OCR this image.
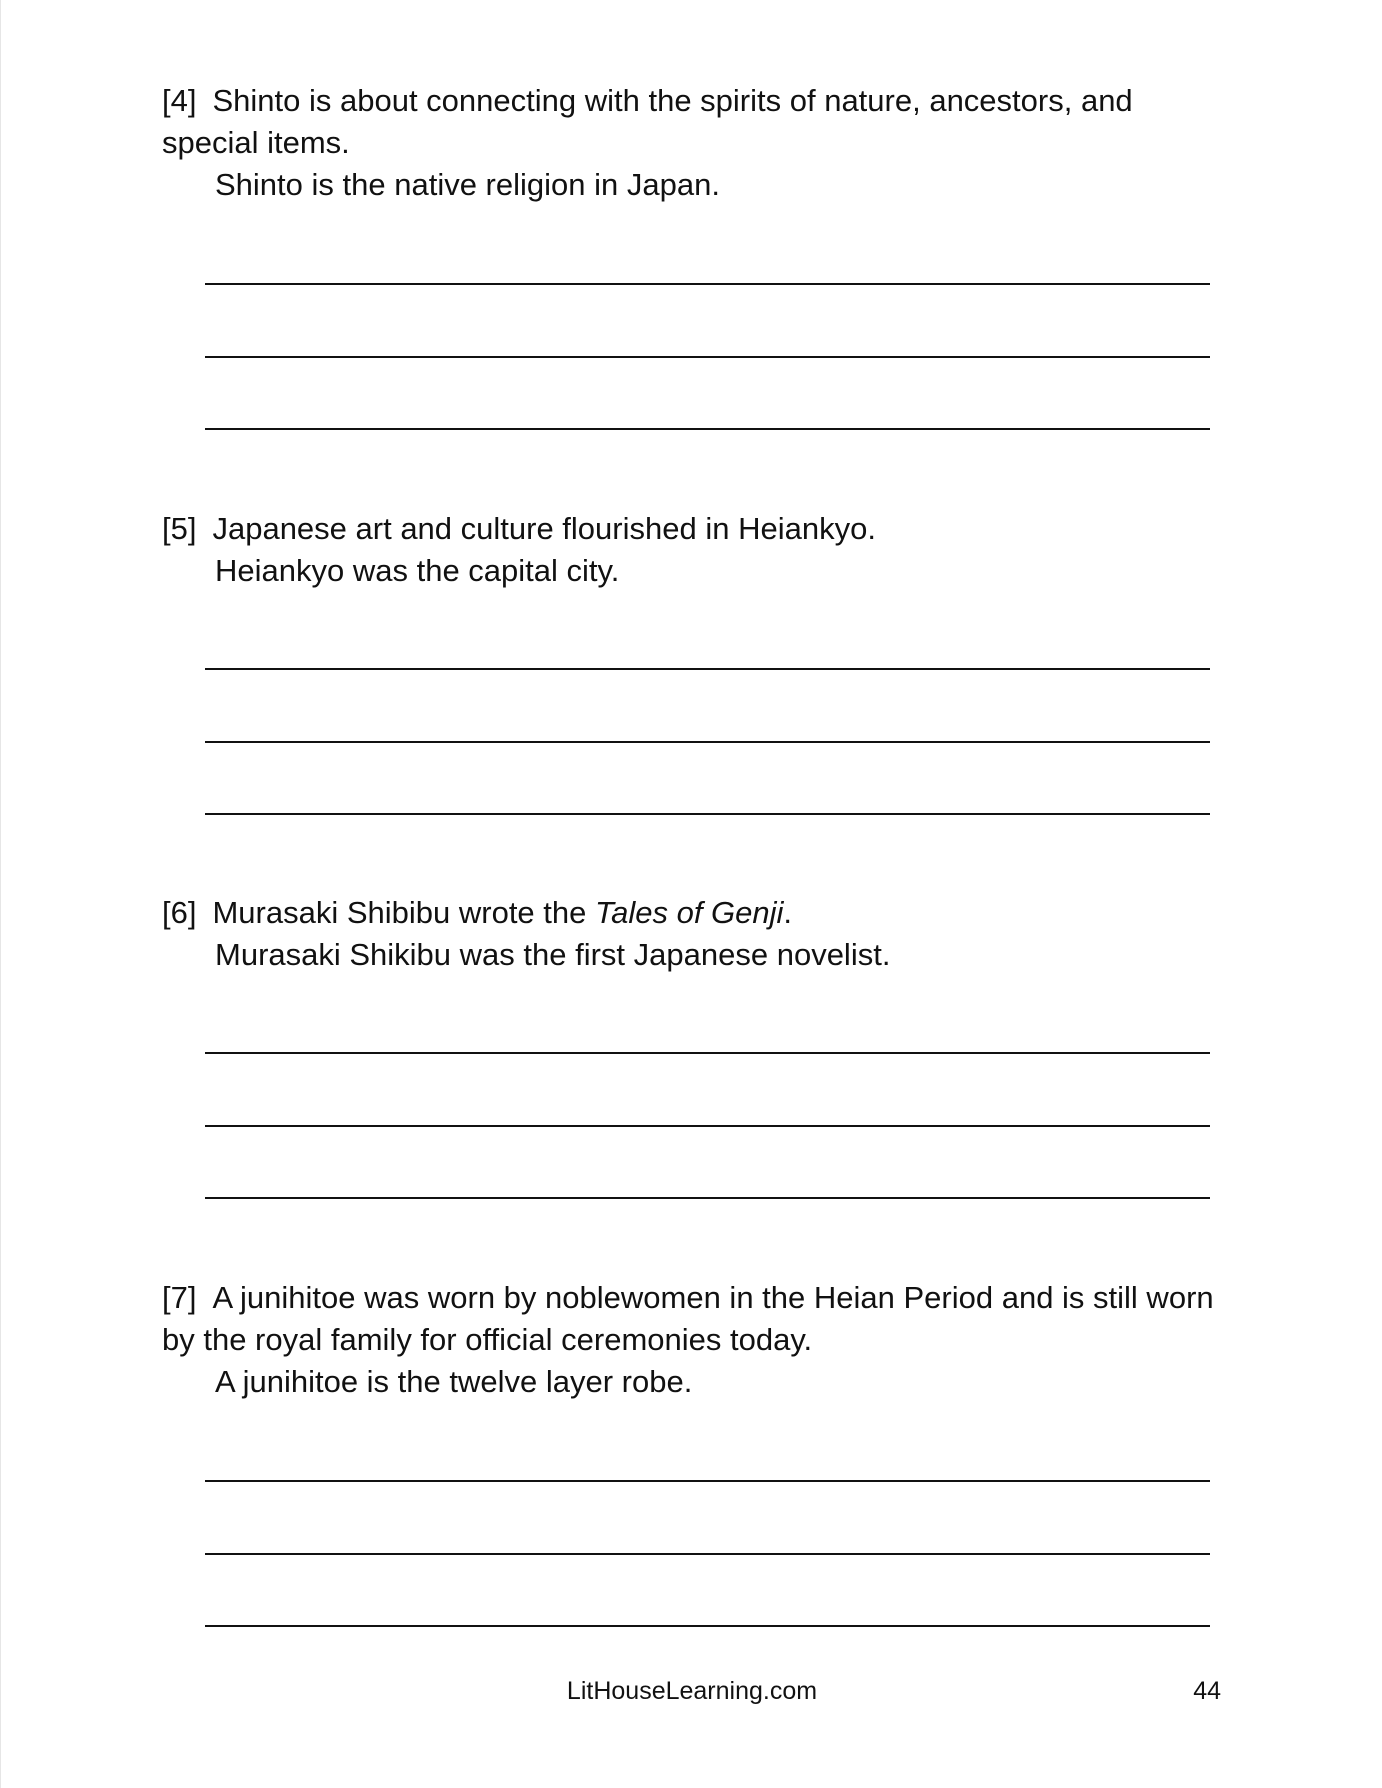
[4] Shinto is about connecting with the spirits of nature, ancestors, and special items.

Shinto is the native religion in Japan.

[5] Japanese art and culture flourished in Heiankyo.

Heiankyo was the capital city.

[6] Murasaki Shibibu wrote the Tales of Genji.

Murasaki Shikibu was the first Japanese novelist.

[7] A junihitoe was worn by noblewomen in the Heian Period and is still worn by the royal family for official ceremonies today.

A junihitoe is the twelve layer robe.

LitHouseLearning.com	44
